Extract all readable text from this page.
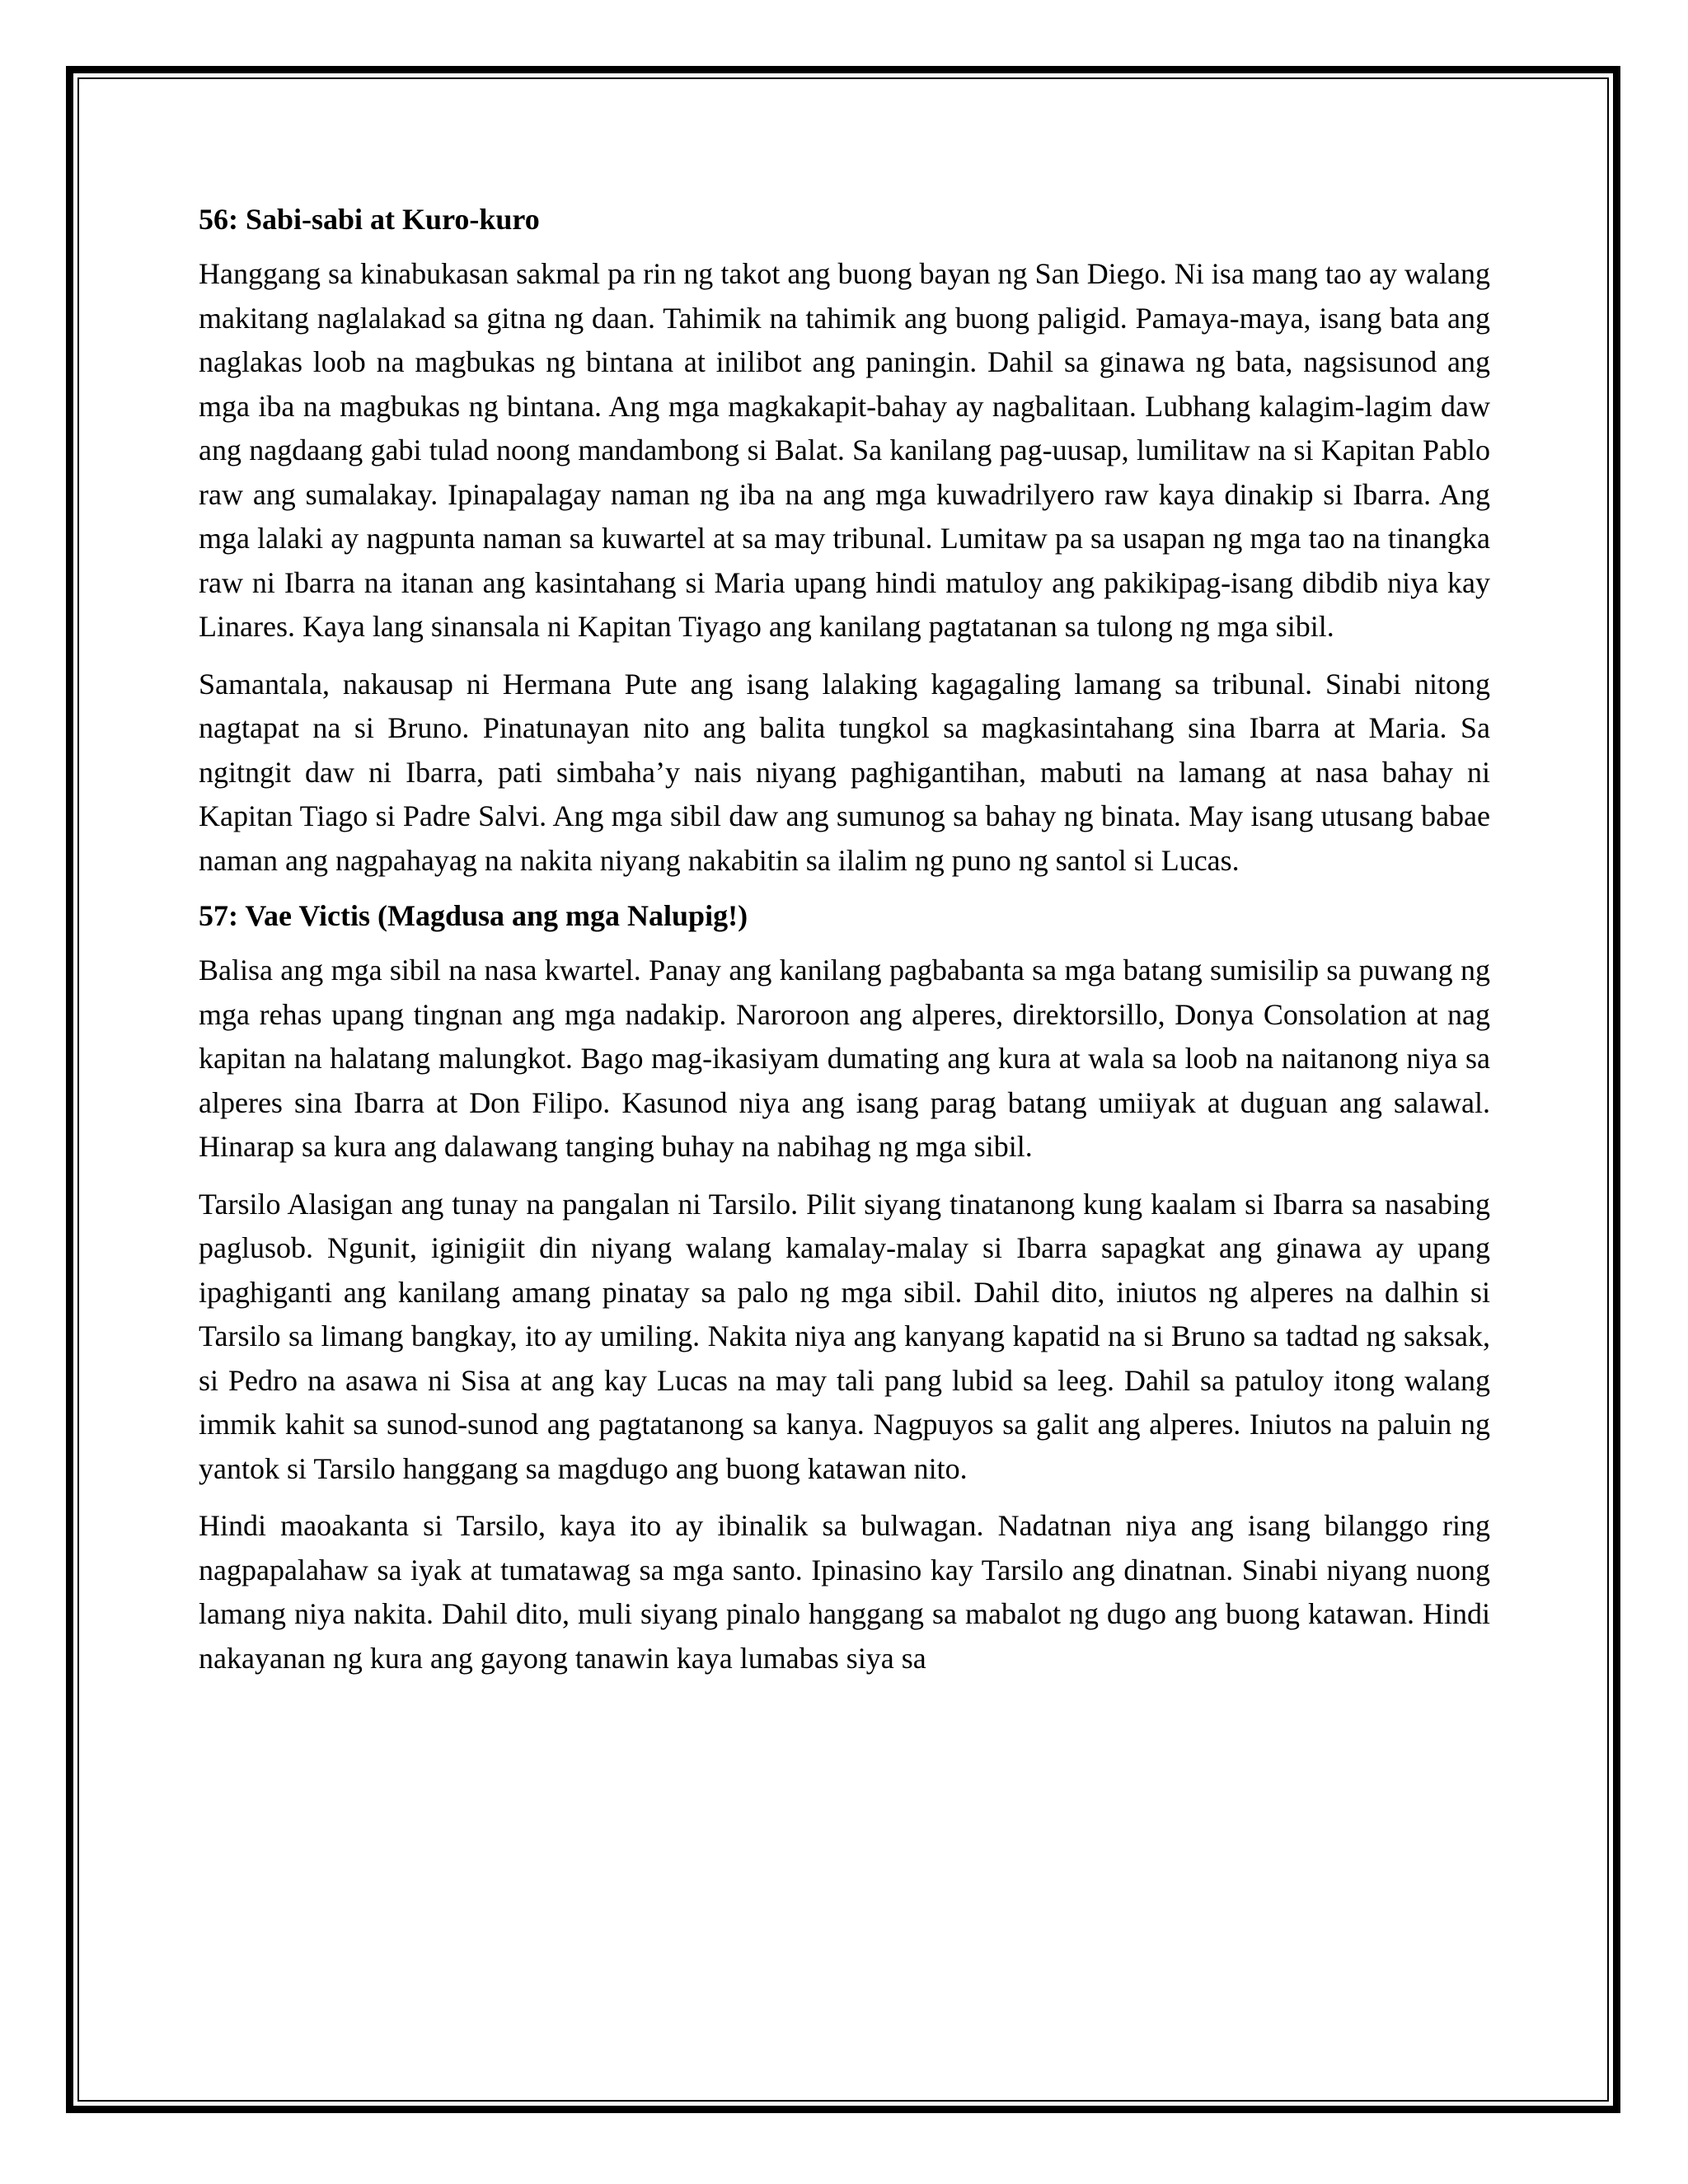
56: Sabi-sabi at Kuro-kuro

Hanggang sa kinabukasan sakmal pa rin ng takot ang buong bayan ng San Diego. Ni isa mang tao ay walang makitang naglalakad sa gitna ng daan. Tahimik na tahimik ang buong paligid. Pamaya-maya, isang bata ang naglakas loob na magbukas ng bintana at inilibot ang paningin. Dahil sa ginawa ng bata, nagsisunod ang mga iba na magbukas ng bintana. Ang mga magkakapit-bahay ay nagbalitaan. Lubhang kalagim-lagim daw ang nagdaang gabi tulad noong mandambong si Balat. Sa kanilang pag-uusap, lumilitaw na si Kapitan Pablo raw ang sumalakay. Ipinapalagay naman ng iba na ang mga kuwadrilyero raw kaya dinakip si Ibarra. Ang mga lalaki ay nagpunta naman sa kuwartel at sa may tribunal. Lumitaw pa sa usapan ng mga tao na tinangka raw ni Ibarra na itanan ang kasintahang si Maria upang hindi matuloy ang pakikipag-isang dibdib niya kay Linares. Kaya lang sinansala ni Kapitan Tiyago ang kanilang pagtatanan sa tulong ng mga sibil.

Samantala, nakausap ni Hermana Pute ang isang lalaking kagagaling lamang sa tribunal. Sinabi nitong nagtapat na si Bruno. Pinatunayan nito ang balita tungkol sa magkasintahang sina Ibarra at Maria. Sa ngitngit daw ni Ibarra, pati simbaha’y nais niyang paghigantihan, mabuti na lamang at nasa bahay ni Kapitan Tiago si Padre Salvi. Ang mga sibil daw ang sumunog sa bahay ng binata. May isang utusang babae naman ang nagpahayag na nakita niyang nakabitin sa ilalim ng puno ng santol si Lucas.

57: Vae Victis (Magdusa ang mga Nalupig!)

Balisa ang mga sibil na nasa kwartel. Panay ang kanilang pagbabanta sa mga batang sumisilip sa puwang ng mga rehas upang tingnan ang mga nadakip. Naroroon ang alperes, direktorsillo, Donya Consolation at nag kapitan na halatang malungkot. Bago mag-ikasiyam dumating ang kura at wala sa loob na naitanong niya sa alperes sina Ibarra at Don Filipo. Kasunod niya ang isang parag batang umiiyak at duguan ang salawal. Hinarap sa kura ang dalawang tanging buhay na nabihag ng mga sibil.

Tarsilo Alasigan ang tunay na pangalan ni Tarsilo. Pilit siyang tinatanong kung kaalam si Ibarra sa nasabing paglusob. Ngunit, iginigiit din niyang walang kamalay-malay si Ibarra sapagkat ang ginawa ay upang ipaghiganti ang kanilang amang pinatay sa palo ng mga sibil. Dahil dito, iniutos ng alperes na dalhin si Tarsilo sa limang bangkay, ito ay umiling. Nakita niya ang kanyang kapatid na si Bruno sa tadtad ng saksak, si Pedro na asawa ni Sisa at ang kay Lucas na may tali pang lubid sa leeg. Dahil sa patuloy itong walang immik kahit sa sunod-sunod ang pagtatanong sa kanya. Nagpuyos sa galit ang alperes. Iniutos na paluin ng yantok si Tarsilo hanggang sa magdugo ang buong katawan nito.

Hindi maoakanta si Tarsilo, kaya ito ay ibinalik sa bulwagan. Nadatnan niya ang isang bilanggo ring nagpapalahaw sa iyak at tumatawag sa mga santo. Ipinasino kay Tarsilo ang dinatnan. Sinabi niyang nuong lamang niya nakita. Dahil dito, muli siyang pinalo hanggang sa mabalot ng dugo ang buong katawan. Hindi nakayanan ng kura ang gayong tanawin kaya lumabas siya sa
